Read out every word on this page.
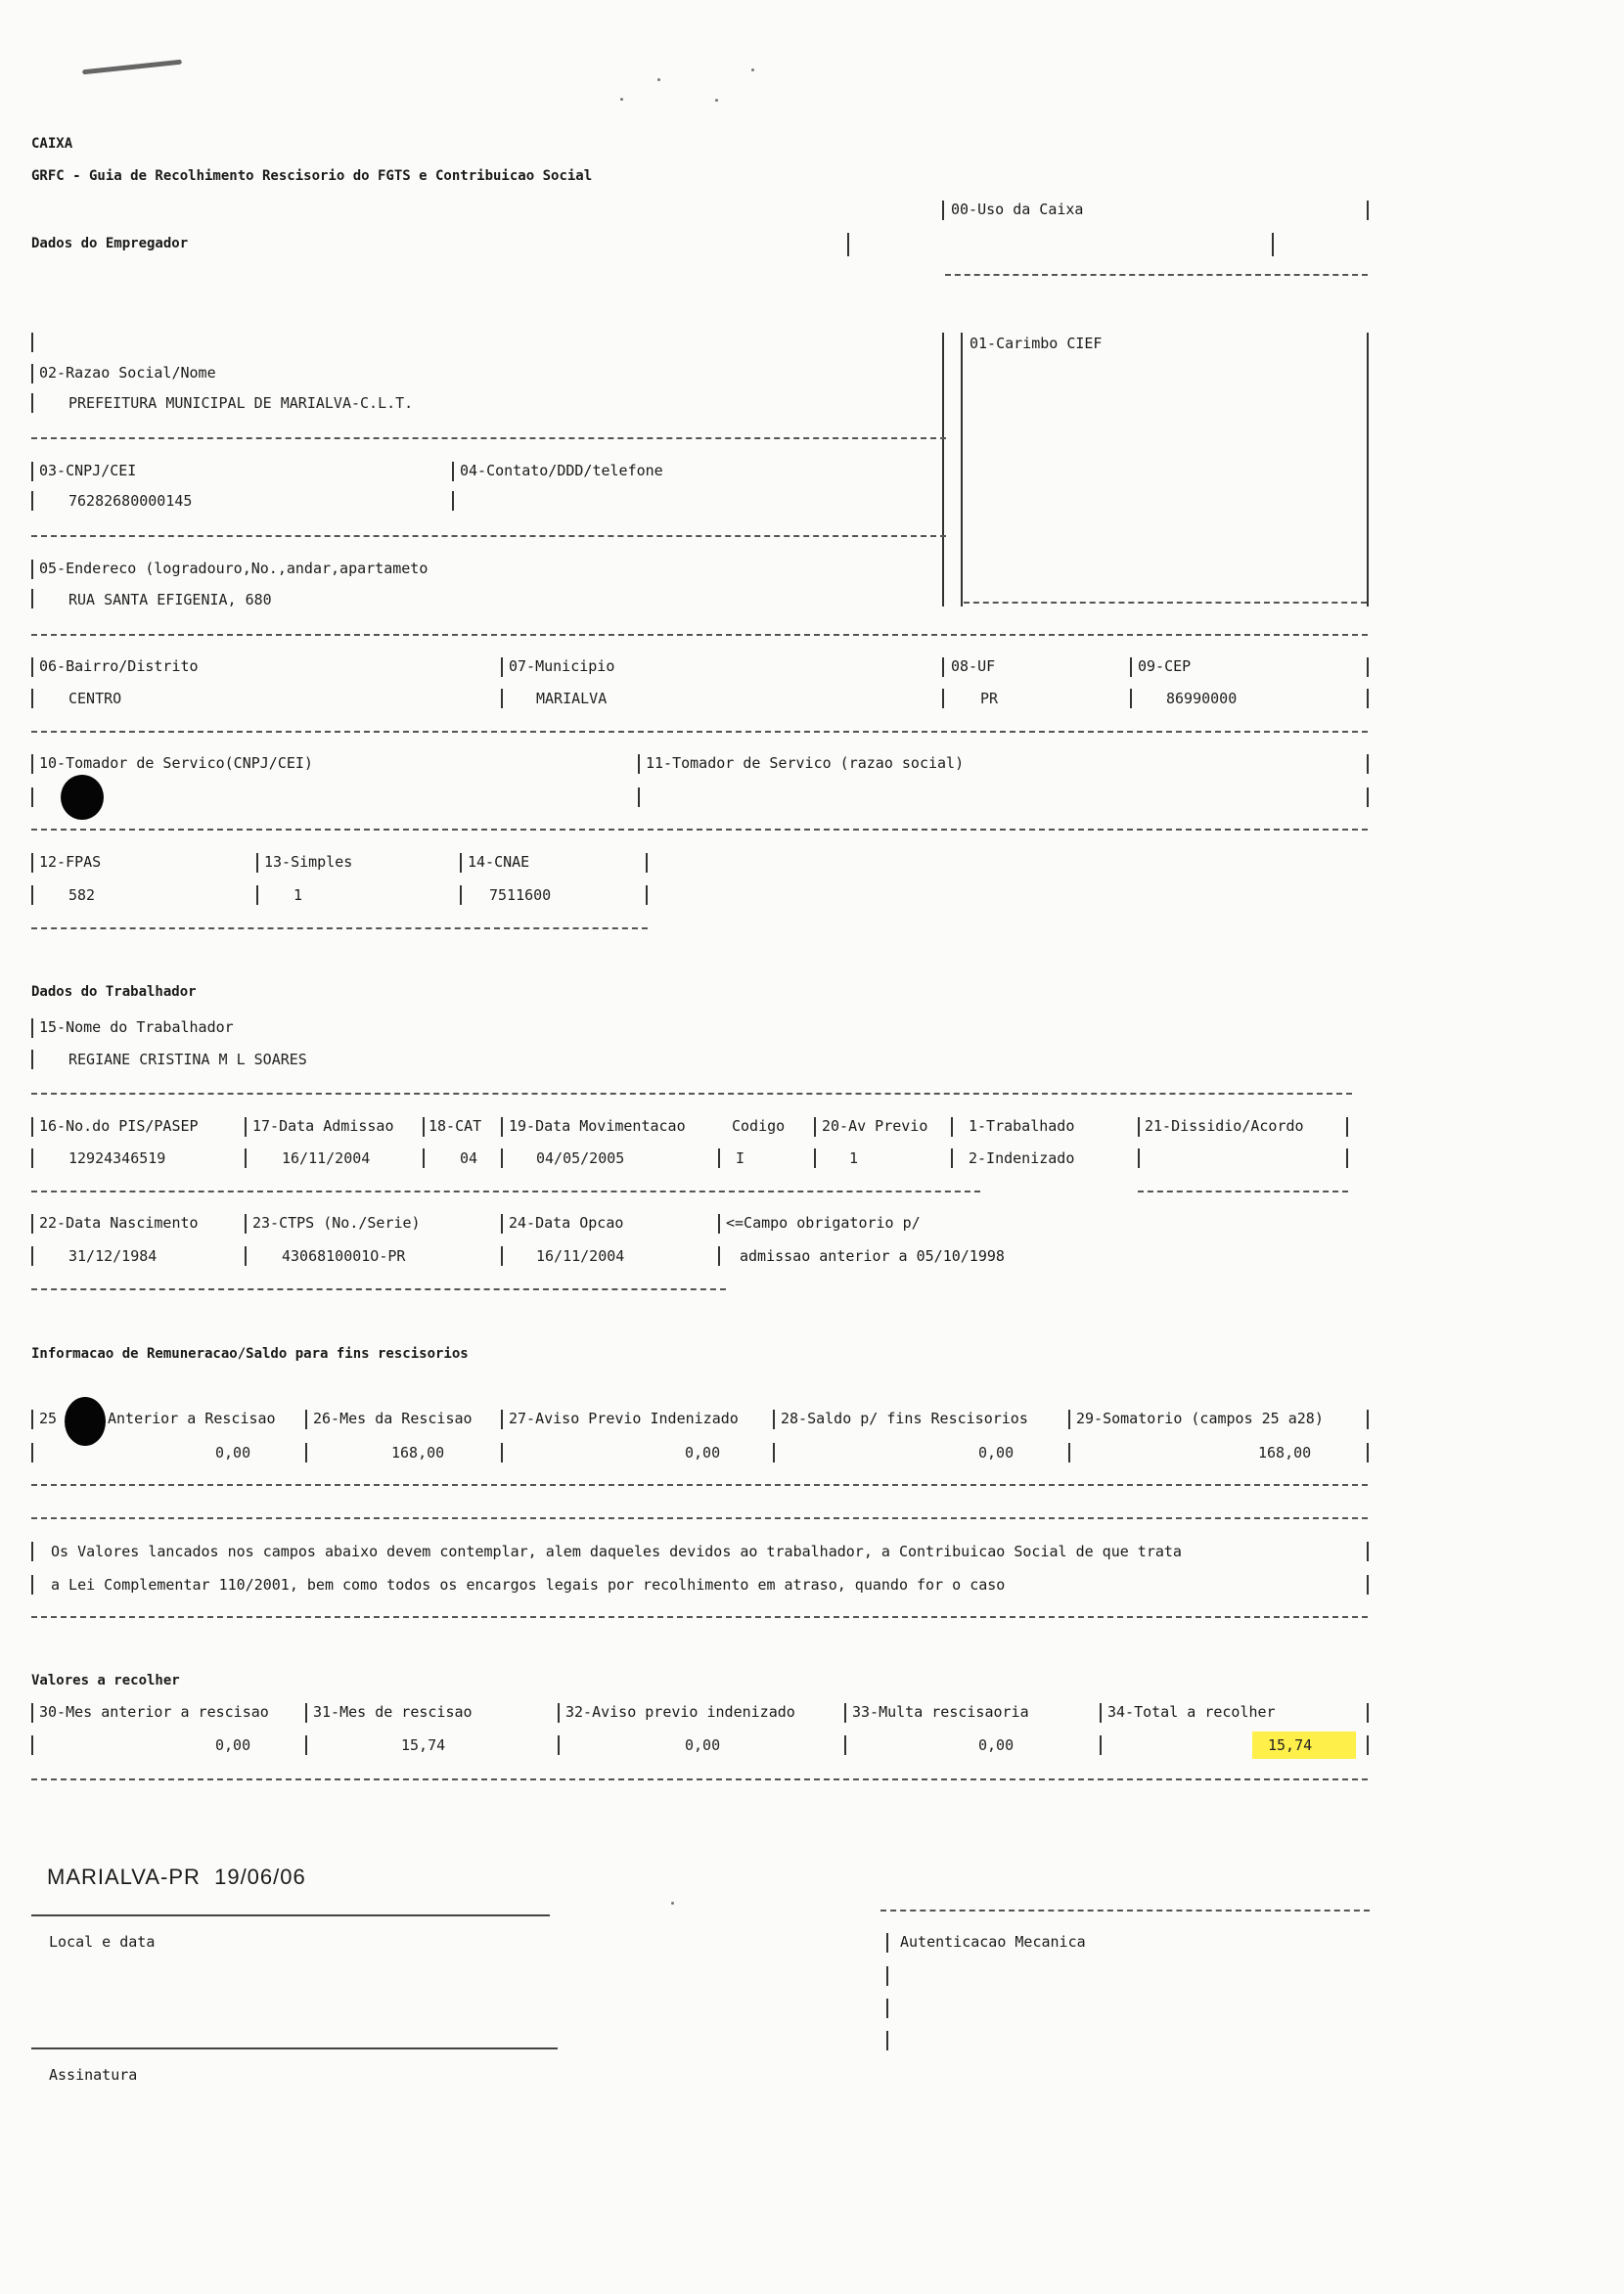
CAIXA
GRFC - Guia de Recolhimento Rescisorio do FGTS e Contribuicao Social
Dados do Empregador
00-Uso da Caixa
01-Carimbo CIEF
02-Razao Social/Nome
PREFEITURA MUNICIPAL DE MARIALVA-C.L.T.
03-CNPJ/CEI	04-Contato/DDD/telefone
76282680000145
05-Endereco (logradouro,No.,andar,apartameto
RUA SANTA EFIGENIA, 680
06-Bairro/Distrito	07-Municipio	08-UF	09-CEP
CENTRO	MARIALVA	PR	86990000
10-Tomador de Servico(CNPJ/CEI)	11-Tomador de Servico (razao social)
12-FPAS	13-Simples	14-CNAE
582	1	7511600
Dados do Trabalhador
15-Nome do Trabalhador
REGIANE CRISTINA M L SOARES
16-No.do PIS/PASEP	17-Data Admissao 18-CAT 19-Data Movimentacao	Codigo	20-Av Previo	1-Trabalhado	21-Dissidio/Acordo
12924346519	16/11/2004	04	04/05/2005	I	1	2-Indenizado
22-Data Nascimento	23-CTPS (No./Serie)	24-Data Opcao	<=Campo obrigatorio p/
31/12/1984	4306810001O-PR	16/11/2004	admissao anterior a 05/10/1998
Informacao de Remuneracao/Saldo para fins rescisorios
25	Anterior a Rescisao	26-Mes da Rescisao 27-Aviso Previo Indenizado	28-Saldo p/ fins Rescisorios	29-Somatorio (campos 25 a28)
0,00	168,00	0,00	0,00	168,00
Os Valores lancados nos campos abaixo devem contemplar, alem daqueles devidos ao trabalhador, a Contribuicao Social de que trata
a Lei Complementar 110/2001, bem como todos os encargos legais por recolhimento em atraso, quando for o caso
Valores a recolher
30-Mes anterior a rescisao	31-Mes de rescisao	32-Aviso previo indenizado	33-Multa rescisaoria	34-Total a recolher
0,00	15,74	0,00	0,00	15,74
MARIALVA-PR  19/06/06
Local e data
Assinatura
Autenticacao Mecanica
